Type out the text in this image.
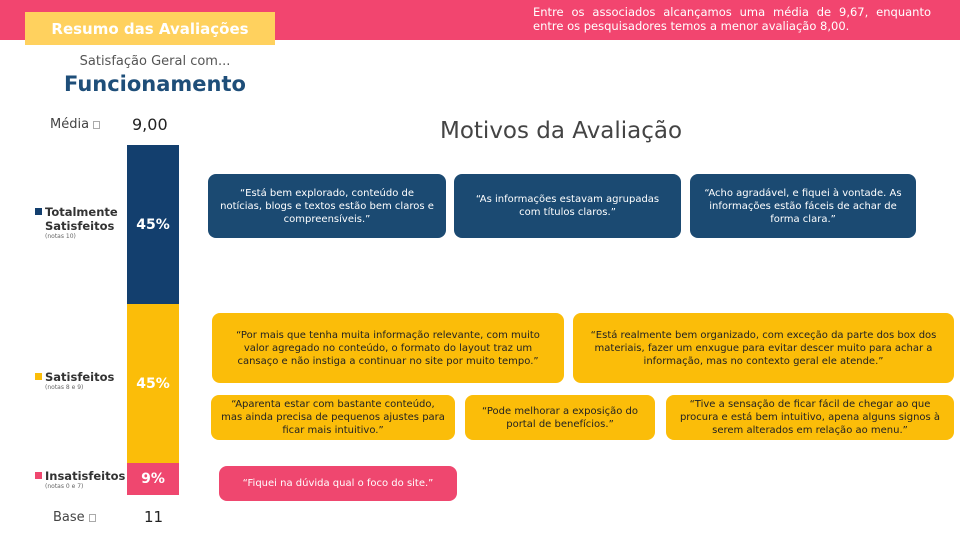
Resumo das Avaliações
Entre os associados alcançamos uma média de 9,67, enquanto entre os pesquisadores temos a menor avaliação 8,00.
Satisfação Geral com...
Funcionamento
Média	9,00
45%
45%
9%
Totalmente Satisfeitos
(notas 10)
Satisfeitos
(notas 8 e 9)
Insatisfeitos
(notas 0 e 7)
Base	11
Motivos da Avaliação
“Está bem explorado, conteúdo de notícias, blogs e textos estão bem claros e compreensíveis.”
“As informações estavam agrupadas com títulos claros.”
“Acho agradável, e fiquei à vontade. As informações estão fáceis de achar de forma clara.”
“Por mais que tenha muita informação relevante, com muito valor agregado no conteúdo, o formato do layout traz um cansaço e não instiga a continuar no site por muito tempo.”
“Está realmente bem organizado, com exceção da parte dos box dos materiais, fazer um enxugue para evitar descer muito para achar a informação, mas no contexto geral ele atende.”
“Aparenta estar com bastante conteúdo, mas ainda precisa de pequenos ajustes para ficar mais intuitivo.”
“Pode melhorar a exposição do portal de benefícios.”
“Tive a sensação de ficar fácil de chegar ao que procura e está bem intuitivo, apena alguns signos à serem alterados em relação ao menu.”
“Fiquei na dúvida qual o foco do site.”
